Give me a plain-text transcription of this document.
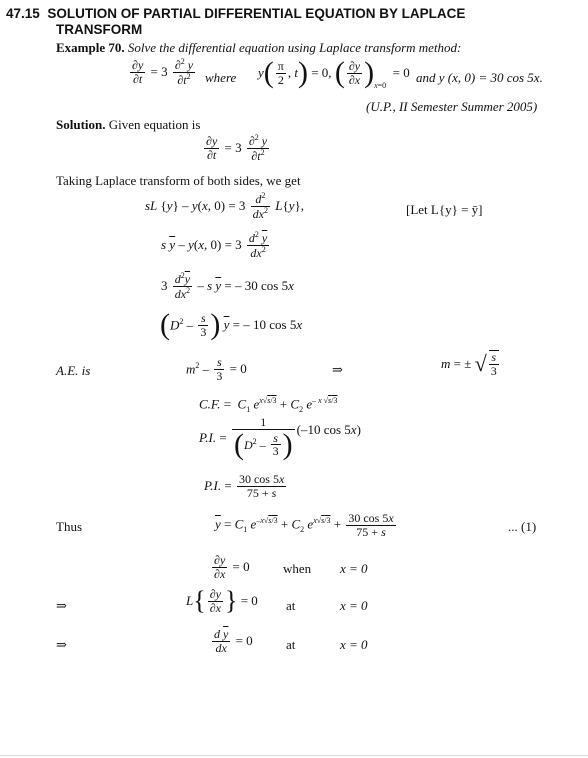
47.15 SOLUTION OF PARTIAL DIFFERENTIAL EQUATION BY LAPLACE
TRANSFORM
Example 70. Solve the differential equation using Laplace transform method:
$\frac{\partial y}{\partial t} = 3 \frac{\partial^2 y}{\partial t^2}$ where y ( $\frac{\pi}{2}$ , t ) = 0, ( $\frac{\partial y}{\partial x}$ ) x =0
= 0 and y (x, 0) = 30 cos 5x.
(U.P., II Semester Summer 2005)
Solution. Given equation is
$\frac{\partial y}{\partial t} = 3 \frac{\partial^2 y}{\partial t^2}$
Taking Laplace transform of both sides, we get
sL {y} – y(x, $0) = 3 \frac{d^2}{dx^2} L\{y\}$,	[Let L{y} = ȳ]
s $\overline{y} - y(x$, $0) = 3 \frac{d^2 \overline{y}}{dx^2}$
$3 \frac{d^2\overline{y}}{dx^2}$ – s $\overline{y}$ = – 30 cos 5x
( $D^2 - \frac{s}{3}$ ) $\overline{y}$ = – 10 cos 5x
A.E. is	$m^2 - \frac{s}{3} = 0$	⇒	m = ± √ $\frac{s}{3}$
C.F. =  $C_1$ $e^{x√s/3} + C_2$ $e^{- x √s/3}$
P.I. = $\frac{1}{( D^2 - \frac{s}{3} )} (-10$ cos 5x)
P.I. = $\frac{30 \cos 5x}{75 + s}$
Thus	$\overline{y} = C_1$ $e^{-x√s/3} + C_2$ $e^{x√s/3} + \frac{30 \cos 5x}{75 + s}$	... (1)
$\frac{\partial y}{\partial x} = 0$	when x = 0
⇒	L { $\frac{\partial y}{\partial x}$ } = 0 at	x = 0
⇒	$\frac{d \overline{y}}{dx} = 0$	at	x = 0
